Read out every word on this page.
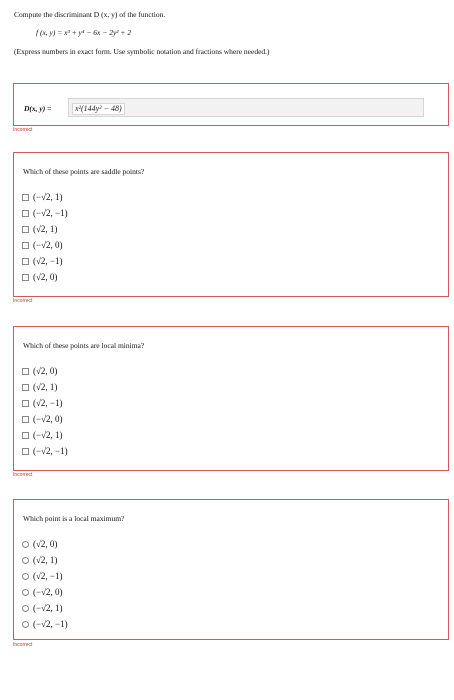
Compute the discriminant D (x, y) of the function.
f (x, y) = x³ + y⁴ − 6x − 2y² + 2
(Express numbers in exact form. Use symbolic notation and fractions where needed.)
D(x, y) =	x²(144y² − 48)
Incorrect
Which of these points are saddle points?
(−√2, 1)
(−√2, −1)
(√2, 1)
(−√2, 0)
(√2, −1)
(√2, 0)
Incorrect
Which of these points are local minima?
(√2, 0)
(√2, 1)
(√2, −1)
(−√2, 0)
(−√2, 1)
(−√2, −1)
Incorrect
Which point is a local maximum?
(√2, 0)
(√2, 1)
(√2, −1)
(−√2, 0)
(−√2, 1)
(−√2, −1)
Incorrect
